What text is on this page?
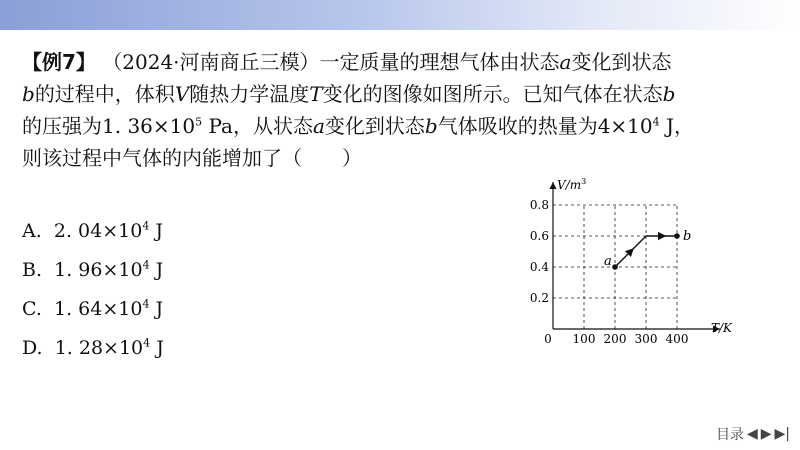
【例7】 （2024·河南商丘三模）一定质量的理想气体由状态a变化到状态
b的过程中，体积V随热力学温度T变化的图像如图所示。已知气体在状态b
的压强为1. $36\times 10^5$ Pa，从状态a变化到状态b气体吸收的热量为$4\times 10^4$ J，
则该过程中气体的内能增加了（　　）
A. 2. $04\times 10^4$ J
B. 1. $96\times 10^4$ J
C. 1. $64\times 10^4$ J
D. 1. $28\times 10^4$ J	100 200 300 400
0.2
0.4
0.6
0.8
$V/m^3$
T/K
0
a
b
目录 ◀ ▶ ▶|
